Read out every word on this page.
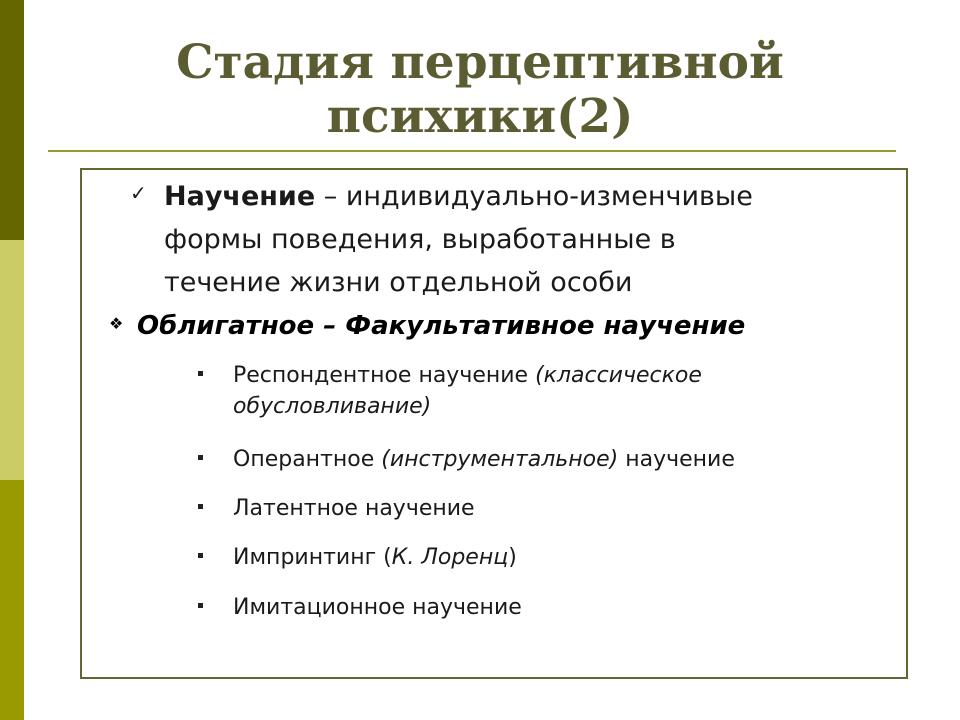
Стадия перцептивной
психики(2)
✓ Научение – индивидуально-изменчивые
формы поведения, выработанные в
течение жизни отдельной особи
❖ Облигатное – Факультативное научение
Респондентное научение (классическое
обусловливание)
Оперантное (инструментальное) научение
Латентное научение
Импринтинг (К. Лоренц)
Имитационное научение
